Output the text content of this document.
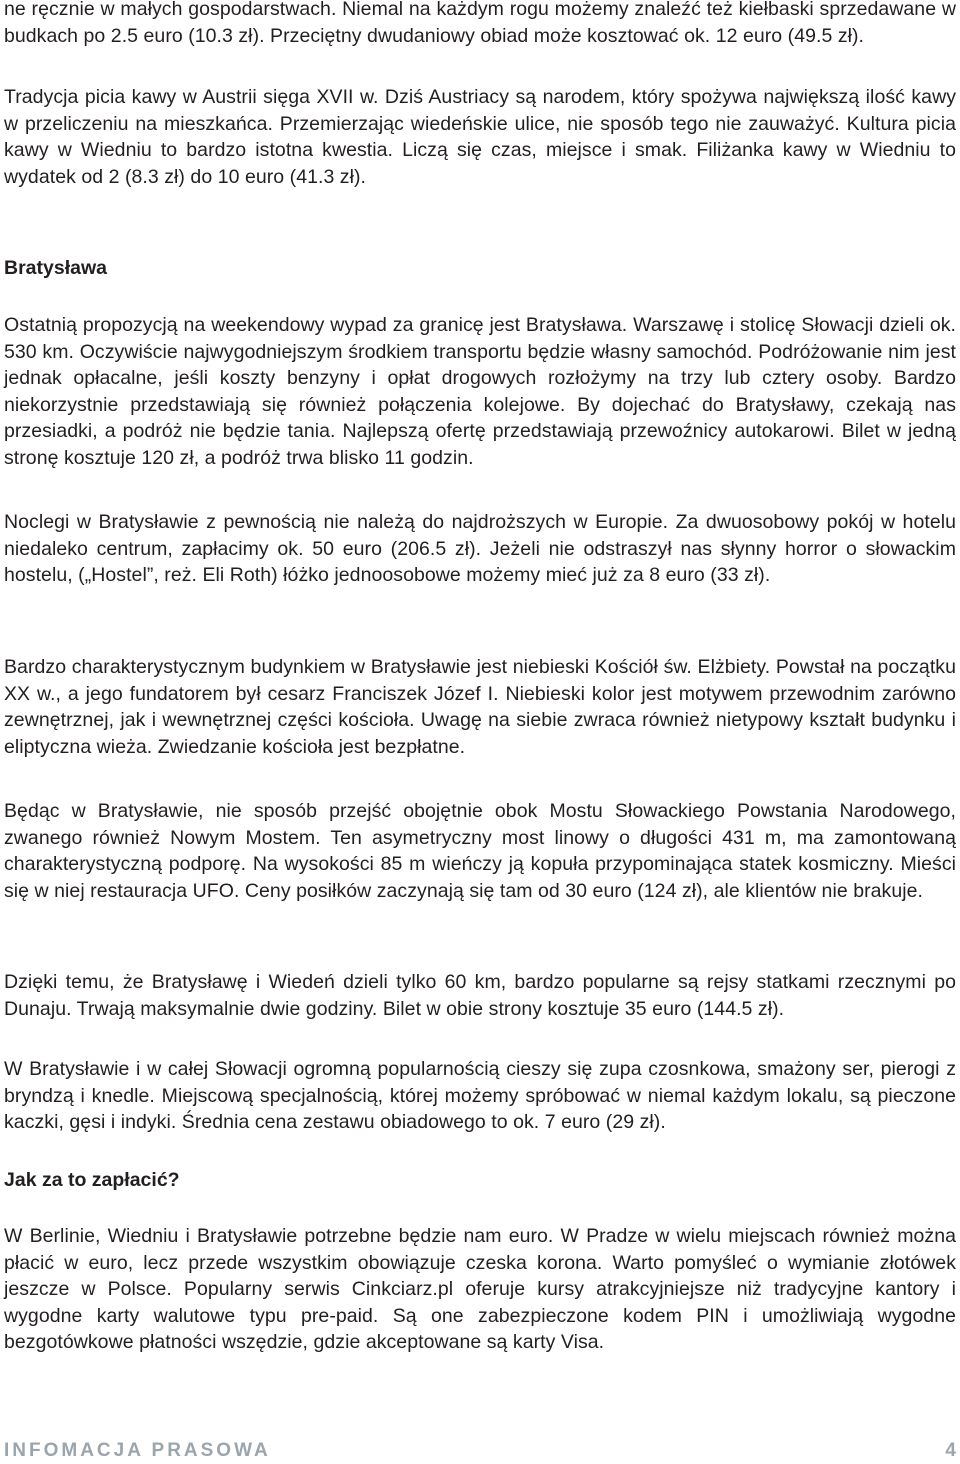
ne ręcznie w małych gospodarstwach. Niemal na każdym rogu możemy znaleźć też kiełbaski sprzedawane w budkach po 2.5 euro (10.3 zł). Przeciętny dwudaniowy obiad może kosztować ok. 12 euro (49.5 zł).

Tradycja picia kawy w Austrii sięga XVII w. Dziś Austriacy są narodem, który spożywa największą ilość kawy w przeliczeniu na mieszkańca. Przemierzając wiedeńskie ulice, nie sposób tego nie zauważyć. Kultura picia kawy w Wiedniu to bardzo istotna kwestia. Liczą się czas, miejsce i smak. Filiżanka kawy w Wiedniu to wydatek od 2 (8.3 zł) do 10 euro (41.3 zł).

Bratysława

Ostatnią propozycją na weekendowy wypad za granicę jest Bratysława. Warszawę i stolicę Słowacji dzieli ok. 530 km. Oczywiście najwygodniejszym środkiem transportu będzie własny samochód. Podróżowanie nim jest jednak opłacalne, jeśli koszty benzyny i opłat drogowych rozłożymy na trzy lub cztery osoby. Bardzo niekorzystnie przedstawiają się również połączenia kolejowe. By dojechać do Bratysławy, czekają nas przesiadki, a podróż nie będzie tania. Najlepszą ofertę przedstawiają przewoźnicy autokarowi. Bilet w jedną stronę kosztuje 120 zł, a podróż trwa blisko 11 godzin.

Noclegi w Bratysławie z pewnością nie należą do najdroższych w Europie. Za dwuosobowy pokój w hotelu niedaleko centrum, zapłacimy ok. 50 euro (206.5 zł). Jeżeli nie odstraszył nas słynny horror o słowackim hostelu, („Hostel”, reż. Eli Roth) łóżko jednoosobowe możemy mieć już za 8 euro (33 zł).

Bardzo charakterystycznym budynkiem w Bratysławie jest niebieski Kościół św. Elżbiety. Powstał na początku XX w., a jego fundatorem był cesarz Franciszek Józef I. Niebieski kolor jest motywem przewodnim zarówno zewnętrznej, jak i wewnętrznej części kościoła. Uwagę na siebie zwraca również nietypowy kształt budynku i eliptyczna wieża. Zwiedzanie kościoła jest bezpłatne.

Będąc w Bratysławie, nie sposób przejść obojętnie obok Mostu Słowackiego Powstania Narodowego, zwanego również Nowym Mostem. Ten asymetryczny most linowy o długości 431 m, ma zamontowaną charakterystyczną podporę. Na wysokości 85 m wieńczy ją kopuła przypominająca statek kosmiczny. Mieści się w niej restauracja UFO. Ceny posiłków zaczynają się tam od 30 euro (124 zł), ale klientów nie brakuje.

Dzięki temu, że Bratysławę i Wiedeń dzieli tylko 60 km, bardzo popularne są rejsy statkami rzecznymi po Dunaju. Trwają maksymalnie dwie godziny. Bilet w obie strony kosztuje 35 euro (144.5 zł).

W Bratysławie i w całej Słowacji ogromną popularnością cieszy się zupa czosnkowa, smażony ser, pierogi z bryndzą i knedle. Miejscową specjalnością, której możemy spróbować w niemal każdym lokalu, są pieczone kaczki, gęsi i indyki. Średnia cena zestawu obiadowego to ok. 7 euro (29 zł).

Jak za to zapłacić?

W Berlinie, Wiedniu i Bratysławie potrzebne będzie nam euro. W Pradze w wielu miejscach również można płacić w euro, lecz przede wszystkim obowiązuje czeska korona. Warto pomyśleć o wymianie złotówek jeszcze w Polsce. Popularny serwis Cinkciarz.pl oferuje kursy atrakcyjniejsze niż tradycyjne kantory i wygodne karty walutowe typu pre-paid. Są one zabezpieczone kodem PIN i umożliwiają wygodne bezgotówkowe płatności wszędzie, gdzie akceptowane są karty Visa.

INFOMACJA PRASOWA	4
